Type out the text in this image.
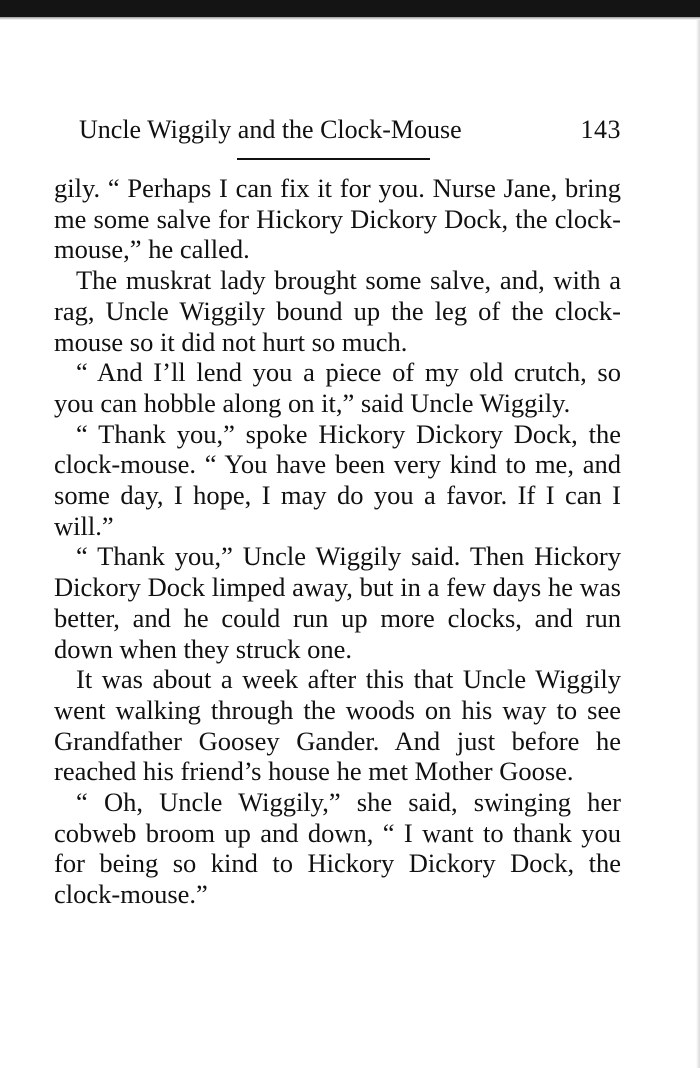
Uncle Wiggily and the Clock-Mouse	143

gily. “ Perhaps I can fix it for you. Nurse Jane, bring me some salve for Hickory Dickory Dock, the clock-mouse,” he called.

The muskrat lady brought some salve, and, with a rag, Uncle Wiggily bound up the leg of the clock-mouse so it did not hurt so much.

“ And I’ll lend you a piece of my old crutch, so you can hobble along on it,” said Uncle Wiggily.

“ Thank you,” spoke Hickory Dickory Dock, the clock-mouse. “ You have been very kind to me, and some day, I hope, I may do you a favor. If I can I will.”

“ Thank you,” Uncle Wiggily said. Then Hickory Dickory Dock limped away, but in a few days he was better, and he could run up more clocks, and run down when they struck one.

It was about a week after this that Uncle Wiggily went walking through the woods on his way to see Grandfather Goosey Gander. And just before he reached his friend’s house he met Mother Goose.

“ Oh, Uncle Wiggily,” she said, swinging her cobweb broom up and down, “ I want to thank you for being so kind to Hickory Dickory Dock, the clock-mouse.”
